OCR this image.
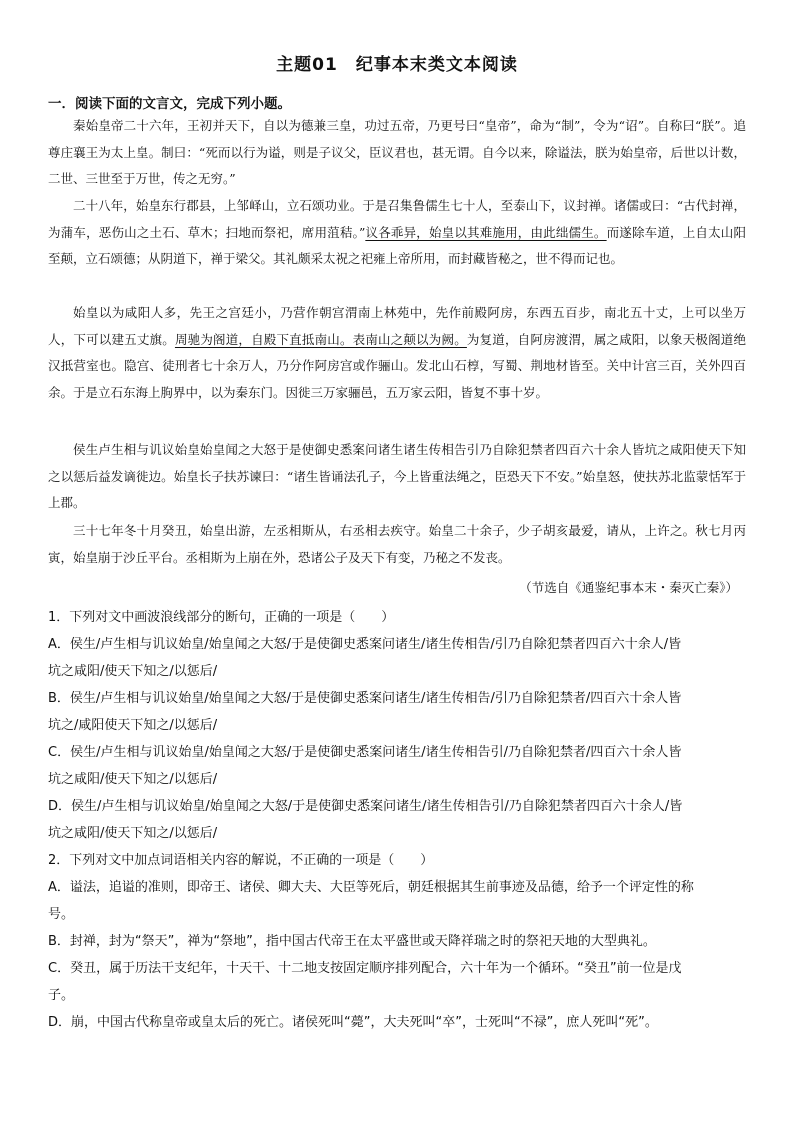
主题01　纪事本末类文本阅读
一．阅读下面的文言文，完成下列小题。
秦始皇帝二十六年，王初并天下，自以为德兼三皇，功过五帝，乃更号曰“皇帝”，命为“制”，令为“诏”。自称曰“朕”。追尊庄襄王为太上皇。制曰：“死而以行为谥，则是子议父，臣议君也，甚无谓。自今以来，除谥法，朕为始皇帝，后世以计数，二世、三世至于万世，传之无穷。”
二十八年，始皇东行郡县，上邹峄山，立石颂功业。于是召集鲁儒生七十人，至泰山下，议封禅。诸儒或曰：“古代封禅，为蒲车，恶伤山之土石、草木；扫地而祭祀，席用菹秸。”议各乖异，始皇以其难施用，由此绌儒生。而遂除车道，上自太山阳至颠，立石颂德；从阴道下，禅于梁父。其礼颇采太祝之祀雍上帝所用，而封藏皆秘之，世不得而记也。
始皇以为咸阳人多，先王之宫廷小，乃营作朝宫渭南上林苑中，先作前殿阿房，东西五百步，南北五十丈，上可以坐万人，下可以建五丈旗。周驰为阁道，自殿下直抵南山。表南山之颠以为阙。为复道，自阿房渡渭，属之咸阳，以象天极阁道绝汉抵营室也。隐宫、徒刑者七十余万人，乃分作阿房宫或作骊山。发北山石椁，写蜀、荆地材皆至。关中计宫三百，关外四百余。于是立石东海上朐界中，以为秦东门。因徙三万家骊邑，五万家云阳，皆复不事十岁。
侯生卢生相与讥议始皇始皇闻之大怒于是使御史悉案问诸生诸生传相告引乃自除犯禁者四百六十余人皆坑之咸阳使天下知之以惩后益发谪徙边。始皇长子扶苏谏曰：“诸生皆诵法孔子，今上皆重法绳之，臣恐天下不安。”始皇怒，使扶苏北监蒙恬军于上郡。
三十七年冬十月癸丑，始皇出游，左丞相斯从，右丞相去疾守。始皇二十余子，少子胡亥最爱，请从，上许之。秋七月丙寅，始皇崩于沙丘平台。丞相斯为上崩在外，恐诸公子及天下有变，乃秘之不发丧。
（节选自《通鉴纪事本末・秦灭亡秦》）

1．下列对文中画波浪线部分的断句，正确的一项是（　　）

A．侯生/卢生相与讥议始皇/始皇闻之大怒/于是使御史悉案问诸生/诸生传相告/引乃自除犯禁者四百六十余人/皆

坑之咸阳/使天下知之/以惩后/

B．侯生/卢生相与讥议始皇/始皇闻之大怒/于是使御史悉案问诸生/诸生传相告/引乃自除犯禁者/四百六十余人皆

坑之/咸阳使天下知之/以惩后/

C．侯生/卢生相与讥议始皇/始皇闻之大怒/于是使御史悉案问诸生/诸生传相告引/乃自除犯禁者/四百六十余人皆

坑之咸阳/使天下知之/以惩后/

D．侯生/卢生相与讥议始皇/始皇闻之大怒/于是使御史悉案问诸生/诸生传相告引/乃自除犯禁者四百六十余人/皆

坑之咸阳/使天下知之/以惩后/

2．下列对文中加点词语相关内容的解说，不正确的一项是（　　）

A．谥法，追谥的准则，即帝王、诸侯、卿大夫、大臣等死后，朝廷根据其生前事迹及品德，给予一个评定性的称

号。

B．封禅，封为“祭天”，禅为“祭地”，指中国古代帝王在太平盛世或天降祥瑞之时的祭祀天地的大型典礼。

C．癸丑，属于历法干支纪年，十天干、十二地支按固定顺序排列配合，六十年为一个循环。“癸丑”前一位是戊

子。

D．崩，中国古代称皇帝或皇太后的死亡。诸侯死叫“薨”，大夫死叫“卒”，士死叫“不禄”，庶人死叫“死”。
